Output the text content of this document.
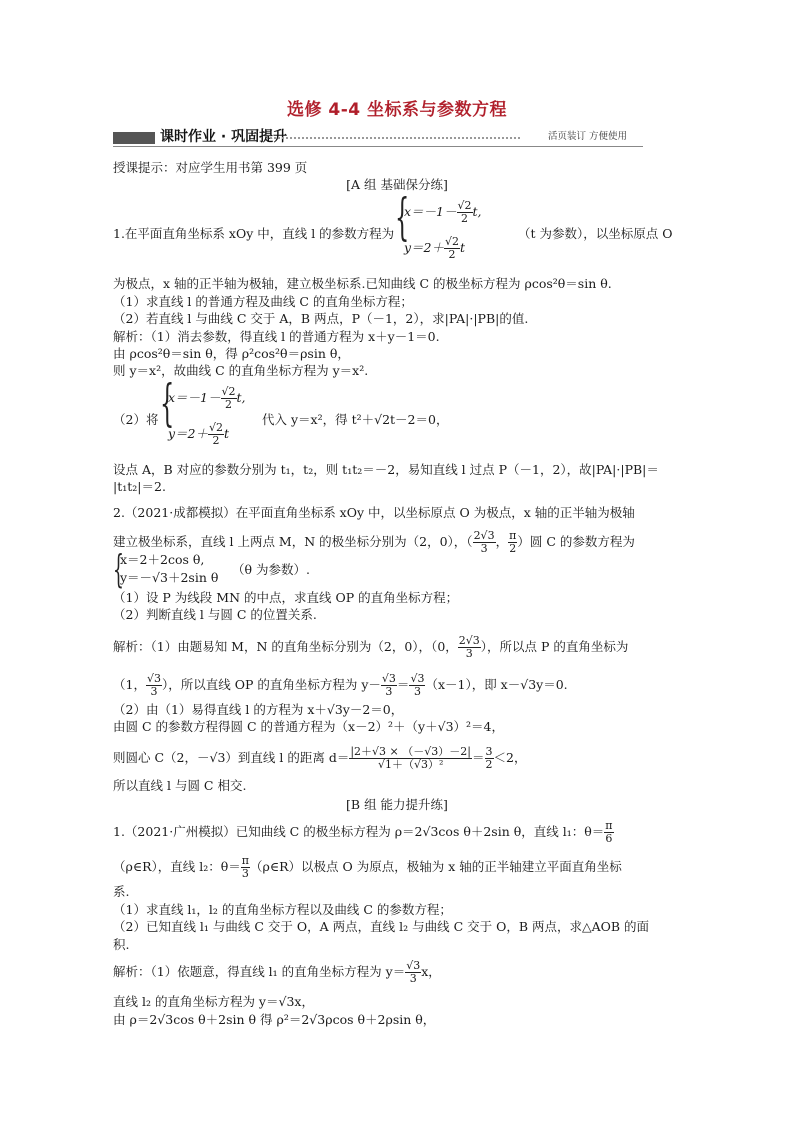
选修 4-4 坐标系与参数方程
课时作业 · 巩固提升	活页装订 方便使用
授课提示：对应学生用书第 399 页
[A 组 基础保分练]
1.在平面直角坐标系 xOy 中，直线 l 的参数方程为 {
$x=-1- \frac{√2}{2} t$,
$y=2+ \frac{√2}{2}$ t
（t 为参数），以坐标原点 O
为极点，x 轴的正半轴为极轴，建立极坐标系.已知曲线 C 的极坐标方程为 ρcos²θ＝sin θ.
（1）求直线 l 的普通方程及曲线 C 的直角坐标方程；
（2）若直线 l 与曲线 C 交于 A，B 两点，P（－1，2），求|PA|·|PB|的值.
解析：（1）消去参数，得直线 l 的普通方程为 x＋y－1＝0.
由 ρcos²θ＝sin θ，得 ρ²cos²θ＝ρsin θ，
则 y＝x²，故曲线 C 的直角坐标方程为 y＝x².
（2）将 {
$x=-1- \frac{√2}{2} t$,
$y=2+ \frac{√2}{2}$ t
代入 y＝x²，得 t²＋√2t－2＝0，
设点 A，B 对应的参数分别为 t₁，t₂，则 t₁t₂＝－2，易知直线 l 过点 P（－1，2），故|PA|·|PB|＝
|t₁t₂|＝2.
2.（2021·成都模拟）在平面直角坐标系 xOy 中，以坐标原点 O 为极点，x 轴的正半轴为极轴
建立极坐标系，直线 l 上两点 M，N 的极坐标分别为（2，0），（ $\frac{2√3}{3}$ ， $\frac{\pi}{2}$ ）圆 C 的参数方程为
{
x＝2＋2cos θ,
y＝－√3＋2sin θ
（θ 为参数）.
（1）设 P 为线段 MN 的中点，求直线 OP 的直角坐标方程；
（2）判断直线 l 与圆 C 的位置关系.
解析：（1）由题易知 M，N 的直角坐标分别为（2，0），（0， $\frac{2√3}{3}$ ），所以点 P 的直角坐标为
（1， $\frac{√3}{3}$ ），所以直线 OP 的直角坐标方程为 $y- \frac{√3}{3} = \frac{√3}{3} (x-1)$，即 x－√3y＝0.
（2）由（1）易得直线 l 的方程为 x＋√3y－2＝0，
由圆 C 的参数方程得圆 C 的普通方程为（x－2）²＋（y＋√3）²＝4，
则圆心 C（2，－√3）到直线 l 的距离 $d= \frac{|2+√3 \times (-√3)-2|}{\text{√1＋（√3）²}} = \frac{3}{2} <2$，
所以直线 l 与圆 C 相交.
[B 组 能力提升练]
1.（2021·广州模拟）已知曲线 C 的极坐标方程为 ρ＝2√3cos θ＋2sin θ，直线 l₁：$\theta= \frac{\pi}{6}$
（ρ∈R），直线 l₂：$\theta= \frac{\pi}{3}$ （ρ∈R）以极点 O 为原点，极轴为 x 轴的正半轴建立平面直角坐标
系.
（1）求直线 l₁，l₂ 的直角坐标方程以及曲线 C 的参数方程；
（2）已知直线 l₁ 与曲线 C 交于 O，A 两点，直线 l₂ 与曲线 C 交于 O，B 两点，求△AOB 的面
积.
解析：（1）依题意，得直线 l₁ 的直角坐标方程为 $y= \frac{√3}{3}$ x，
直线 l₂ 的直角坐标方程为 y＝√3x，
由 ρ＝2√3cos θ＋2sin θ 得 ρ²＝2√3ρcos θ＋2ρsin θ，
